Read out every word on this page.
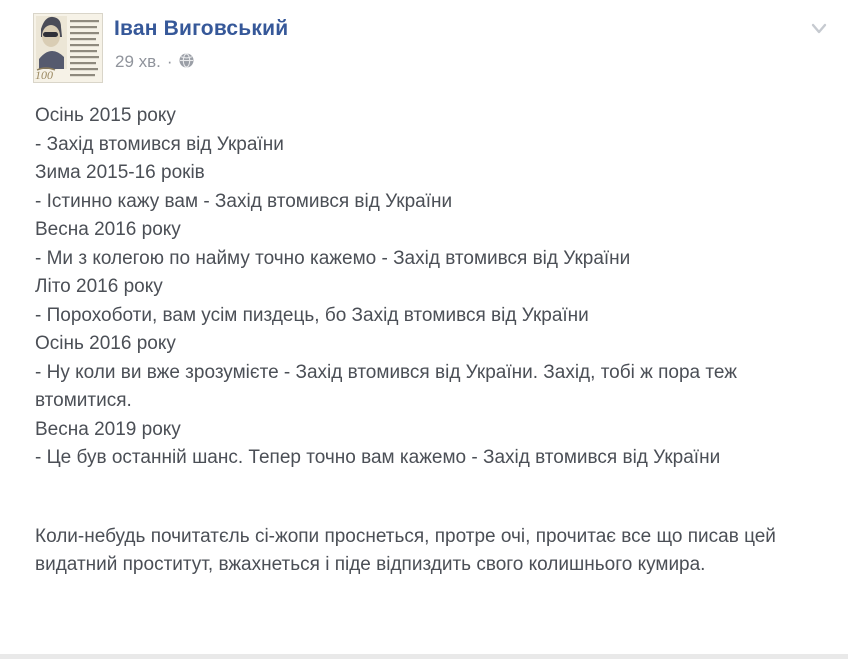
100
Іван Виговський
29 хв. ·

Осінь 2015 року

- Захід втомився від України

Зима 2015-16 років

- Істинно кажу вам - Захід втомився від України

Весна 2016 року

- Ми з колегою по найму точно кажемо - Захід втомився від України

Літо 2016 року

- Порохоботи, вам усім пиздець, бо Захід втомився від України

Осінь 2016 року

- Ну коли ви вже зрозумієте - Захід втомився від України. Захід, тобі ж пора теж втомитися.

Весна 2019 року

- Це був останній шанс. Тепер точно вам кажемо - Захід втомився від України

Коли-небудь почитатєль сі-жопи проснеться, протре очі, прочитає все що писав цей видатний проститут, вжахнеться і піде відпиздить свого колишнього кумира.
